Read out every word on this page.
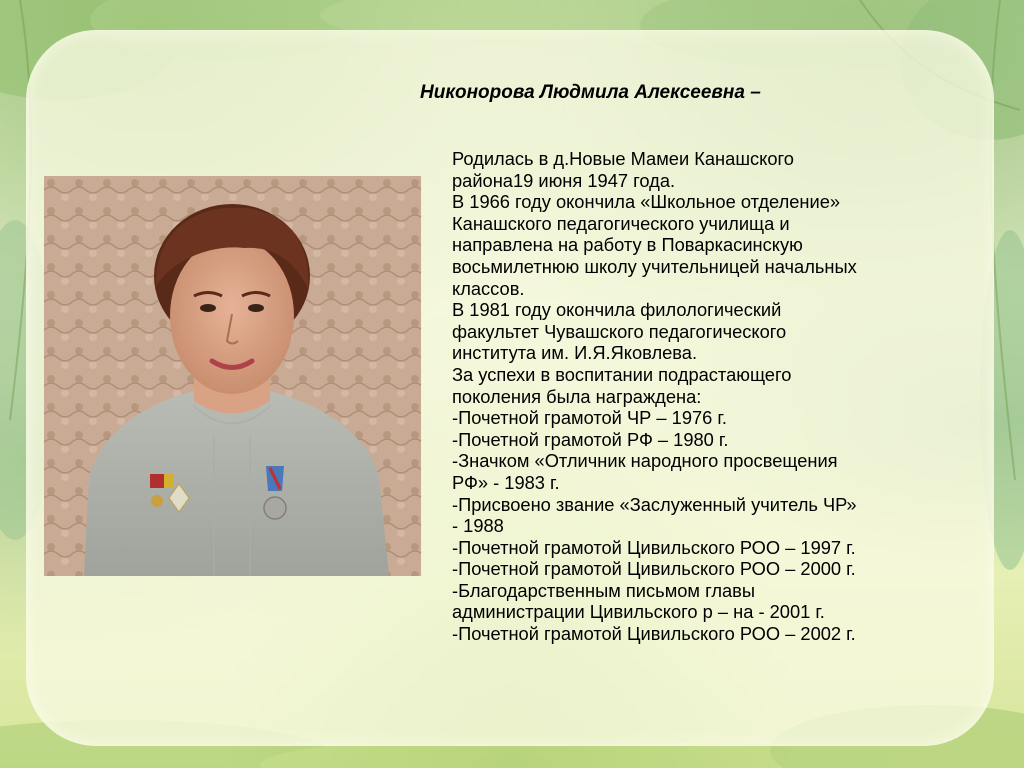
Никонорова Людмила Алексеевна –
Родилась в д.Новые Мамеи Канашского
района19 июня 1947 года.
В 1966 году окончила «Школьное отделение»
Канашского педагогического училища и
направлена на работу в Поваркасинскую
восьмилетнюю школу учительницей начальных
классов.
В 1981 году окончила филологический
факультет Чувашского педагогического
института им. И.Я.Яковлева.
За успехи в воспитании подрастающего
поколения была награждена:
-Почетной грамотой ЧР – 1976 г.
-Почетной грамотой РФ – 1980 г.
-Значком «Отличник народного просвещения
РФ» - 1983 г.
-Присвоено звание «Заслуженный учитель ЧР»
- 1988
-Почетной грамотой Цивильского РОО – 1997 г.
-Почетной грамотой Цивильского РОО – 2000 г.
-Благодарственным письмом главы
администрации Цивильского р – на - 2001 г.
-Почетной грамотой Цивильского РОО – 2002 г.
